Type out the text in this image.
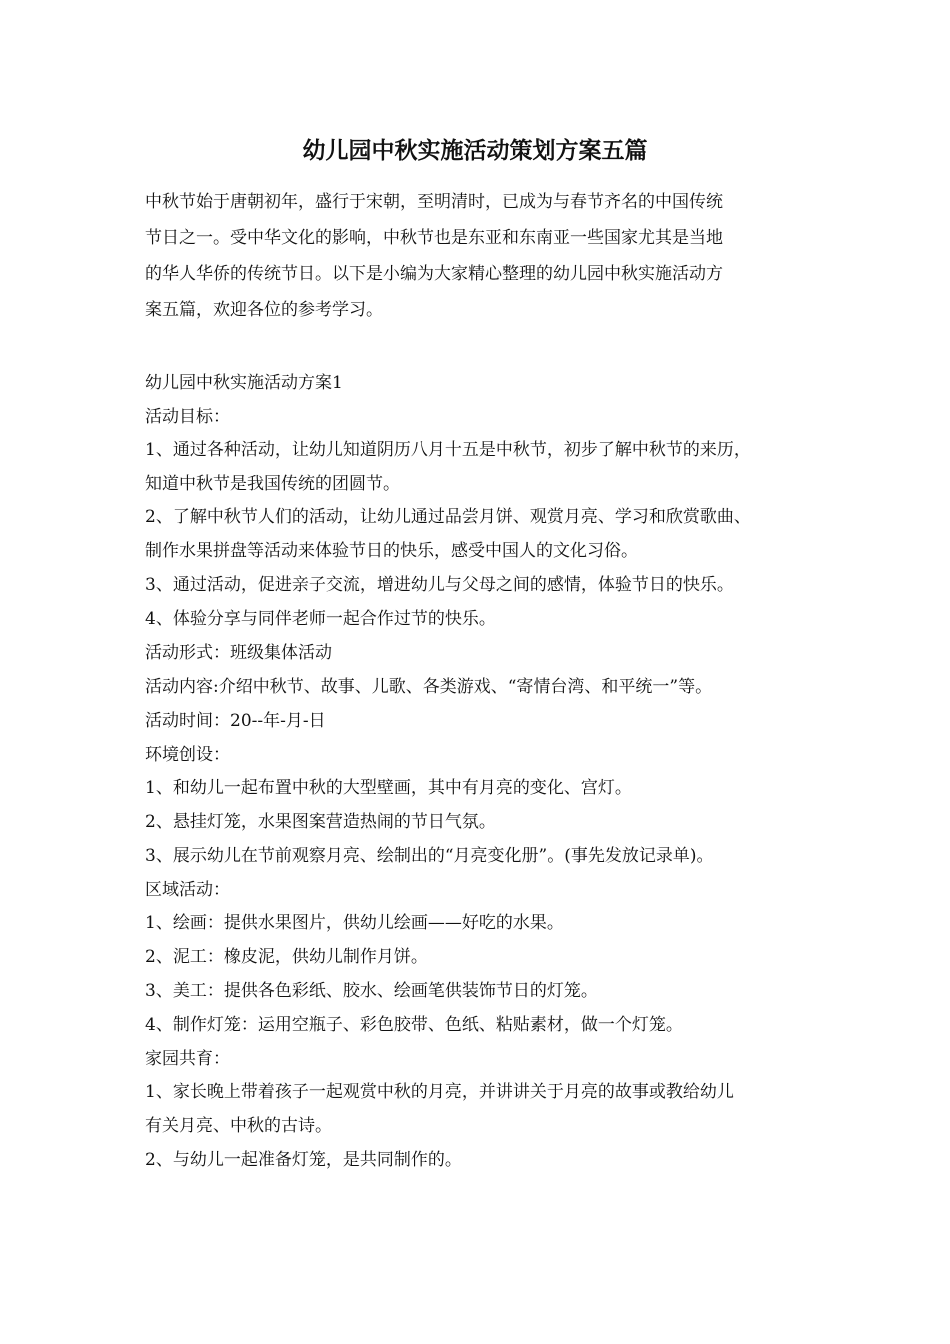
幼儿园中秋实施活动策划方案五篇

中秋节始于唐朝初年，盛行于宋朝，至明清时，已成为与春节齐名的中国传统

节日之一。受中华文化的影响，中秋节也是东亚和东南亚一些国家尤其是当地

的华人华侨的传统节日。以下是小编为大家精心整理的幼儿园中秋实施活动方

案五篇，欢迎各位的参考学习。

幼儿园中秋实施活动方案1

活动目标：

1、通过各种活动，让幼儿知道阴历八月十五是中秋节，初步了解中秋节的来历，

知道中秋节是我国传统的团圆节。

2、了解中秋节人们的活动，让幼儿通过品尝月饼、观赏月亮、学习和欣赏歌曲、

制作水果拼盘等活动来体验节日的快乐，感受中国人的文化习俗。

3、通过活动，促进亲子交流，增进幼儿与父母之间的感情，体验节日的快乐。

4、体验分享与同伴老师一起合作过节的快乐。

活动形式：班级集体活动

活动内容:介绍中秋节、故事、儿歌、各类游戏、“寄情台湾、和平统一”等。

活动时间：20--年-月-日

环境创设：

1、和幼儿一起布置中秋的大型壁画，其中有月亮的变化、宫灯。

2、悬挂灯笼，水果图案营造热闹的节日气氛。

3、展示幼儿在节前观察月亮、绘制出的“月亮变化册”。(事先发放记录单)。

区域活动：

1、绘画：提供水果图片，供幼儿绘画——好吃的水果。

2、泥工：橡皮泥，供幼儿制作月饼。

3、美工：提供各色彩纸、胶水、绘画笔供装饰节日的灯笼。

4、制作灯笼：运用空瓶子、彩色胶带、色纸、粘贴素材，做一个灯笼。

家园共育：

1、家长晚上带着孩子一起观赏中秋的月亮，并讲讲关于月亮的故事或教给幼儿

有关月亮、中秋的古诗。

2、与幼儿一起准备灯笼，是共同制作的。
